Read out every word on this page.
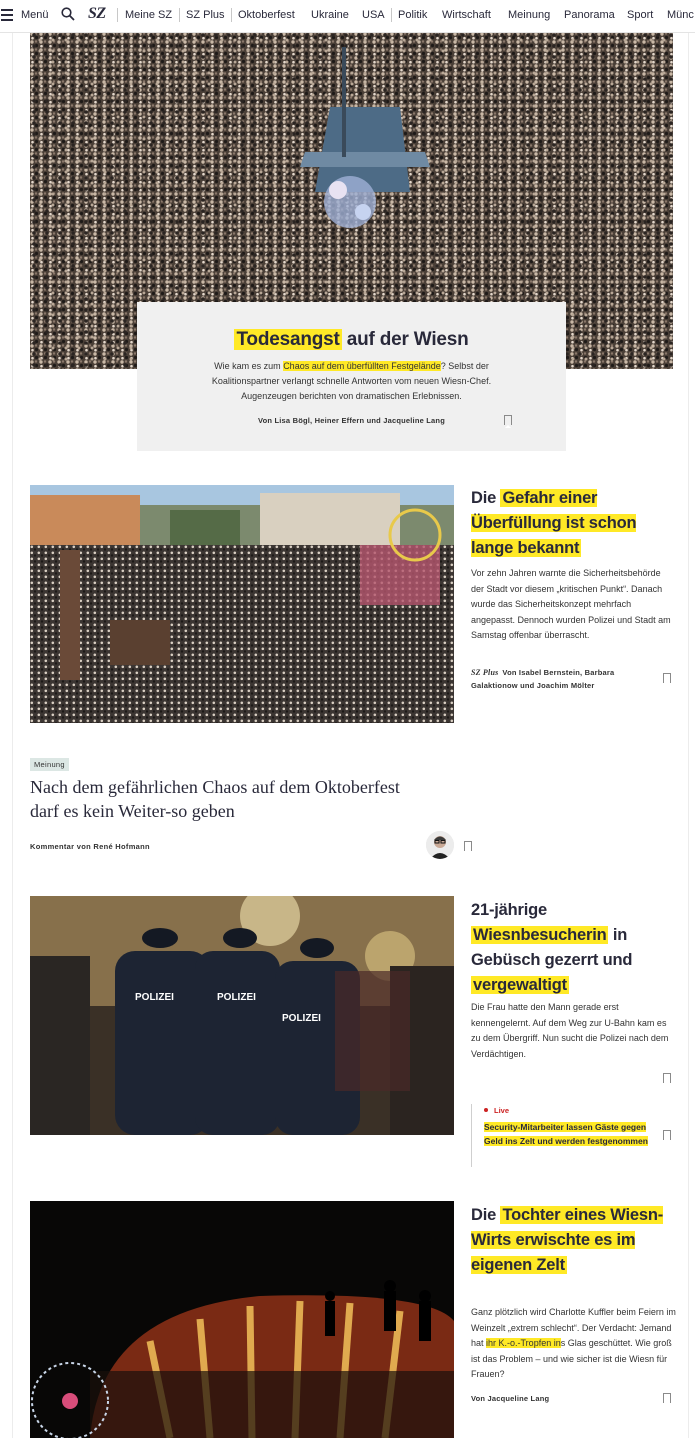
Menü SZ Meine SZ SZ Plus Oktoberfest Ukraine USA Politik Wirtschaft Meinung Panorama Sport Münc
Todesangst auf der Wiesn
Wie kam es zum Chaos auf dem überfüllten Festgelände? Selbst der Koalitionspartner verlangt schnelle Antworten vom neuen Wiesn-Chef. Augenzeugen berichten von dramatischen Erlebnissen.
Von Lisa Bögl, Heiner Effern und Jacqueline Lang
Die Gefahr einer Überfüllung ist schon lange bekannt
Vor zehn Jahren warnte die Sicherheitsbehörde der Stadt vor diesem „kritischen Punkt“. Danach wurde das Sicherheitskonzept mehrfach angepasst. Dennoch wurden Polizei und Stadt am Samstag offenbar überrascht.
SZ Plus Von Isabel Bernstein, Barbara Galaktionow und Joachim Mölter
Meinung
Nach dem gefährlichen Chaos auf dem Oktoberfest darf es kein Weiter-so geben
Kommentar von René Hofmann
POLIZEI	POLIZEI
POLIZEI
21-jährige Wiesnbesucherin in Gebüsch gezerrt und vergewaltigt
Die Frau hatte den Mann gerade erst kennengelernt. Auf dem Weg zur U-Bahn kam es zu dem Übergriff. Nun sucht die Polizei nach dem Verdächtigen.
Live
Security-Mitarbeiter lassen Gäste gegen Geld ins Zelt und werden festgenommen
Die Tochter eines Wiesn-Wirts erwischte es im eigenen Zelt
Ganz plötzlich wird Charlotte Kuffler beim Feiern im Weinzelt „extrem schlecht“. Der Verdacht: Jemand hat ihr K.-o.-Tropfen ins Glas geschüttet. Wie groß ist das Problem – und wie sicher ist die Wiesn für Frauen?
Von Jacqueline Lang
